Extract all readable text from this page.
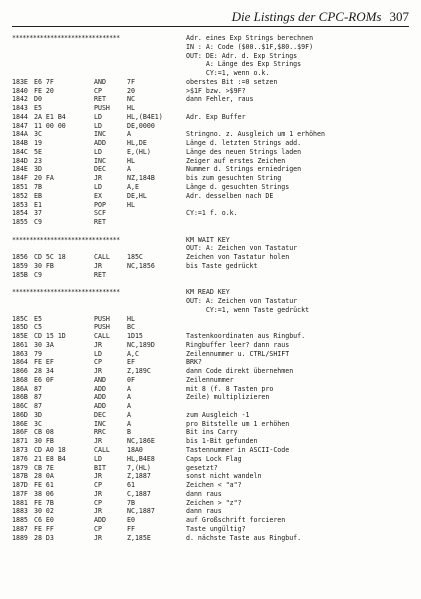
Die Listings der CPC-ROMs 307
*******************************	Adr. eines Exp Strings berechnen
IN : A: Code ($00..$1F,$80..$9F)
OUT: DE: Adr. d. Exp Strings
A: Länge des Exp Strings
CY:=1, wenn o.k.
183E E6 7F	AND	7F	oberstes Bit :=0 setzen
1840 FE 20	CP	20	>$1F bzw. >$9F?
1842 D0	RET	NC	dann Fehler, raus
1843 E5	PUSH	HL
1844 2A E1 B4	LD	HL,(B4E1)	Adr. Exp Buffer
1847 11 00 00	LD	DE,0000
184A 3C	INC	A	Stringno. z. Ausgleich um 1 erhöhen
184B 19	ADD	HL,DE	Länge d. letzten Strings add.
184C 5E	LD	E,(HL)	Länge des neuen Strings laden
184D 23	INC	HL	Zeiger auf erstes Zeichen
184E 3D	DEC	A	Nummer d. Strings erniedrigen
184F 20 FA	JR	NZ,184B	bis zum gesuchten String
1851 7B	LD	A,E	Länge d. gesuchten Strings
1852 EB	EX	DE,HL	Adr. desselben nach DE
1853 E1	POP	HL
1854 37	SCF	CY:=1 f. o.k.
1855 C9	RET
*******************************	KM WAIT KEY
OUT: A: Zeichen von Tastatur
1856 CD 5C 18	CALL	185C	Zeichen von Tastatur holen
1859 30 FB	JR	NC,1856	bis Taste gedrückt
185B C9	RET
*******************************	KM READ KEY
OUT: A: Zeichen von Tastatur
CY:=1, wenn Taste gedrückt
185C E5	PUSH	HL
185D C5	PUSH	BC
185E CD 15 1D	CALL	1D15	Tastenkoordinaten aus Ringbuf.
1861 30 3A	JR	NC,189D	Ringbuffer leer? dann raus
1863 79	LD	A,C	Zeilennummer u. CTRL/SHIFT
1864 FE EF	CP	EF	BRK?
1866 28 34	JR	Z,189C	dann Code direkt übernehmen
1868 E6 0F	AND	0F	Zeilennummer
186A 87	ADD	A	mit 8 (f. 8 Tasten pro
186B 87	ADD	A	Zeile) multiplizieren
186C 87	ADD	A
186D 3D	DEC	A	zum Ausgleich -1
186E 3C	INC	A	pro Bitstelle um 1 erhöhen
186F CB 08	RRC	B	Bit ins Carry
1871 30 FB	JR	NC,186E	bis 1-Bit gefunden
1873 CD A0 18	CALL	18A0	Tastennummer in ASCII-Code
1876 21 E8 B4	LD	HL,B4E8	Caps Lock Flag
1879 CB 7E	BIT	7,(HL)	gesetzt?
187B 28 0A	JR	Z,1887	sonst nicht wandeln
187D FE 61	CP	61	Zeichen < "a"?
187F 38 06	JR	C,1887	dann raus
1881 FE 7B	CP	7B	Zeichen > "z"?
1883 30 02	JR	NC,1887	dann raus
1885 C6 E0	ADD	E0	auf Großschrift forcieren
1887 FE FF	CP	FF	Taste ungültig?
1889 28 D3	JR	Z,185E	d. nächste Taste aus Ringbuf.
